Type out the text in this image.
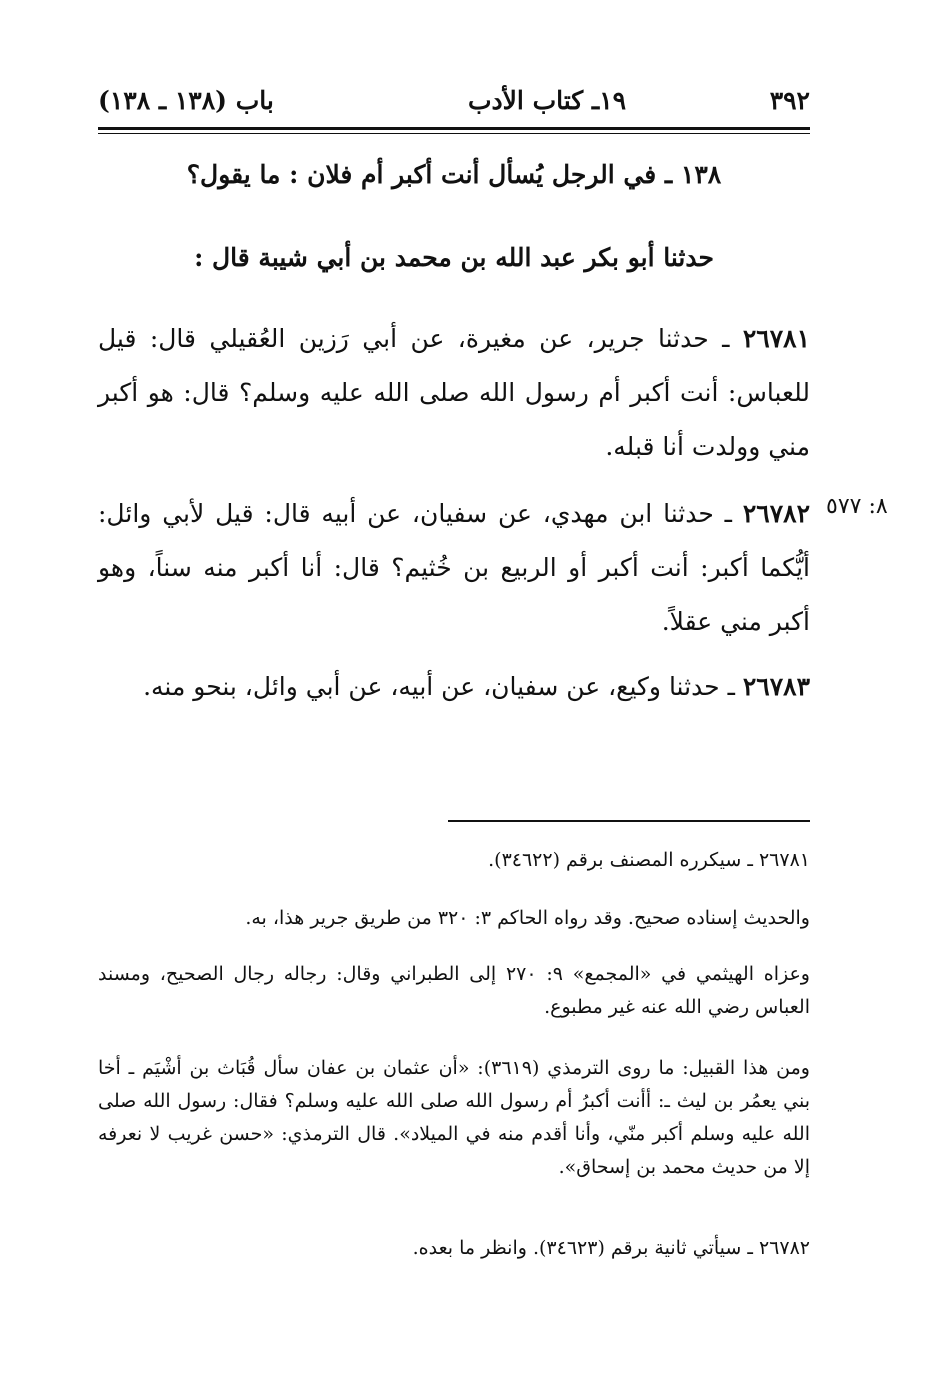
٣٩٢
١٩ـ كتاب الأدب
باب (١٣٨ ـ ١٣٨)
١٣٨ ـ في الرجل يُسأل أنت أكبر أم فلان : ما يقول؟
حدثنا أبو بكر عبد الله بن محمد بن أبي شيبة قال :
٢٦٧٨١ ـ حدثنا جرير، عن مغيرة، عن أبي رَزين العُقيلي قال: قيل للعباس: أنت أكبر أم رسول الله صلى الله عليه وسلم؟ قال: هو أكبر مني وولدت أنا قبله.
٨: ٥٧٧
٢٦٧٨٢ ـ حدثنا ابن مهدي، عن سفيان، عن أبيه قال: قيل لأبي وائل: أيُّكما أكبر: أنت أكبر أو الربيع بن خُثيم؟ قال: أنا أكبر منه سناً، وهو أكبر مني عقلاً.
٢٦٧٨٣ ـ حدثنا وكيع، عن سفيان، عن أبيه، عن أبي وائل، بنحو منه.
٢٦٧٨١ ـ سيكرره المصنف برقم (٣٤٦٢٢).
والحديث إسناده صحيح. وقد رواه الحاكم ٣: ٣٢٠ من طريق جرير هذا، به.
وعزاه الهيثمي في «المجمع» ٩: ٢٧٠ إلى الطبراني وقال: رجاله رجال الصحيح، ومسند العباس رضي الله عنه غير مطبوع.
ومن هذا القبيل: ما روى الترمذي (٣٦١٩): «أن عثمان بن عفان سأل قُبَاث بن أشْيَم ـ أخا بني يعمُر بن ليث ـ: أأنت أكبرُ أم رسول الله صلى الله عليه وسلم؟ فقال: رسول الله صلى الله عليه وسلم أكبر منّي، وأنا أقدم منه في الميلاد». قال الترمذي: «حسن غريب لا نعرفه إلا من حديث محمد بن إسحاق».
٢٦٧٨٢ ـ سيأتي ثانية برقم (٣٤٦٢٣). وانظر ما بعده.
